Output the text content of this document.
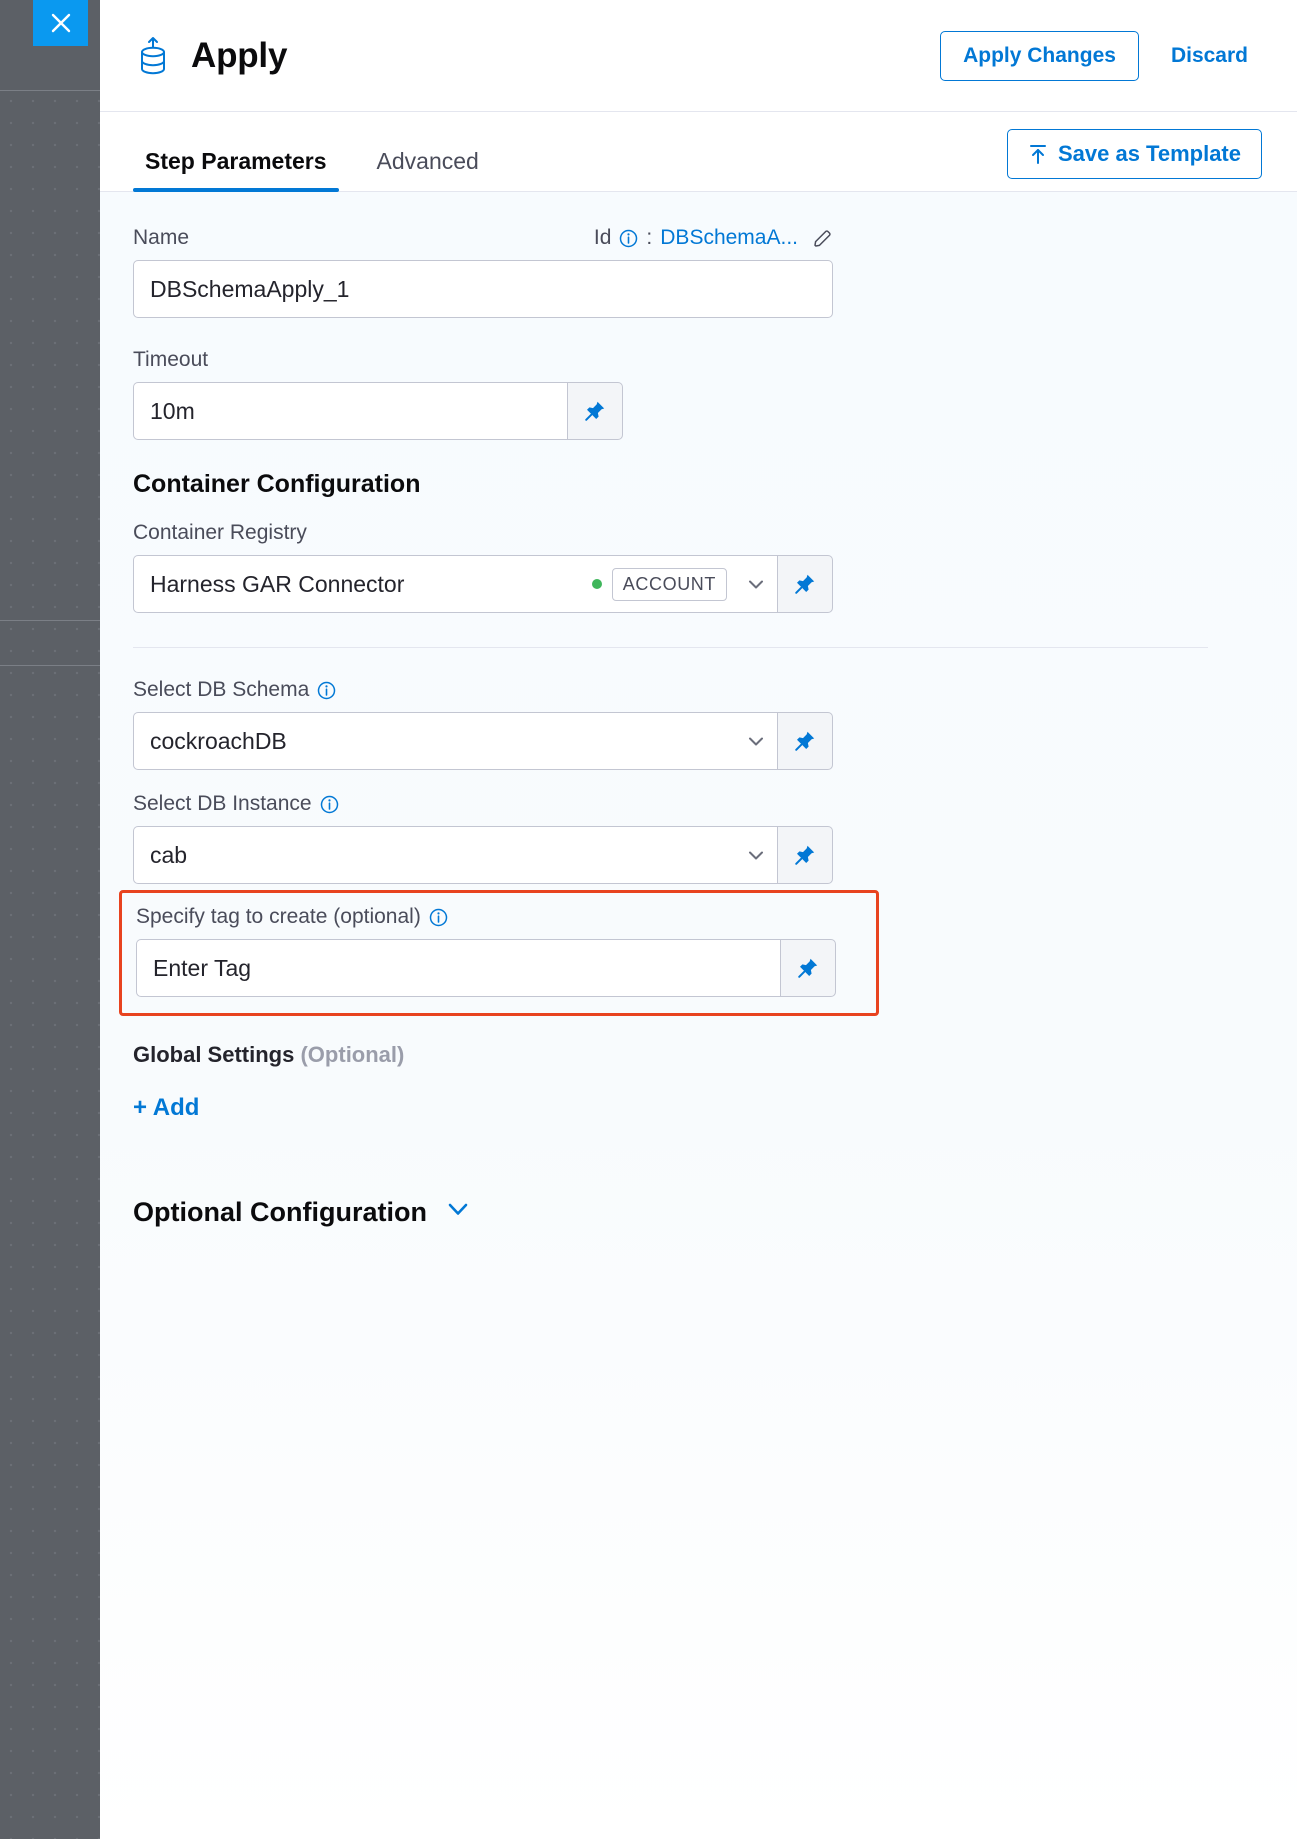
Apply	Apply Changes	Discard
Step Parameters	Advanced	Save as Template
Name	Id : DBSchemaA...
DBSchemaApply_1
Timeout
10m
Container Configuration
Container Registry
Harness GAR Connector	ACCOUNT
Select DB Schema
cockroachDB
Select DB Instance
cab
Specify tag to create (optional)
Enter Tag
Global Settings (Optional)
+ Add
Optional Configuration
